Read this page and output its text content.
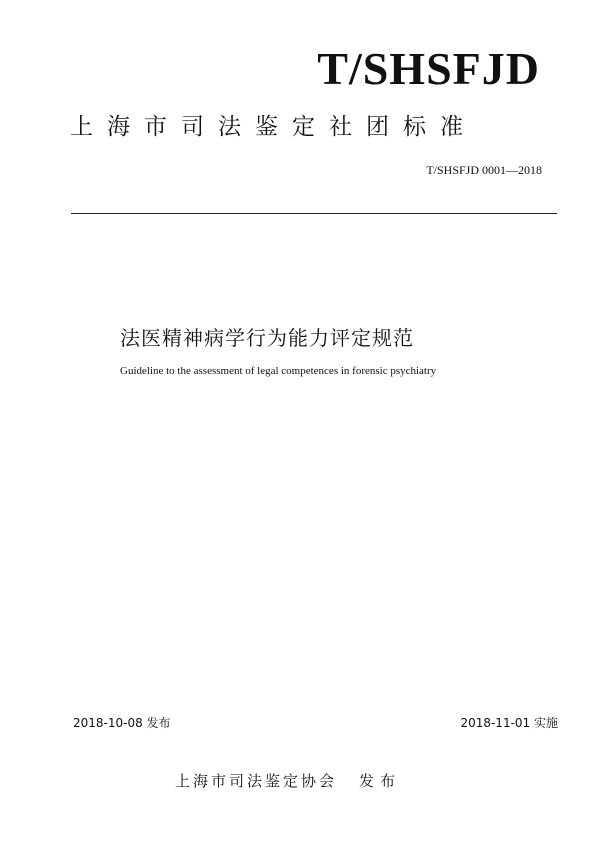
T/SHSFJD
上海市司法鉴定社团标准
T/SHSFJD 0001—2018
法医精神病学行为能力评定规范
Guideline to the assessment of legal competences in forensic psychiatry
2018-10-08 发布	2018-11-01 实施
上海市司法鉴定协会 发布
